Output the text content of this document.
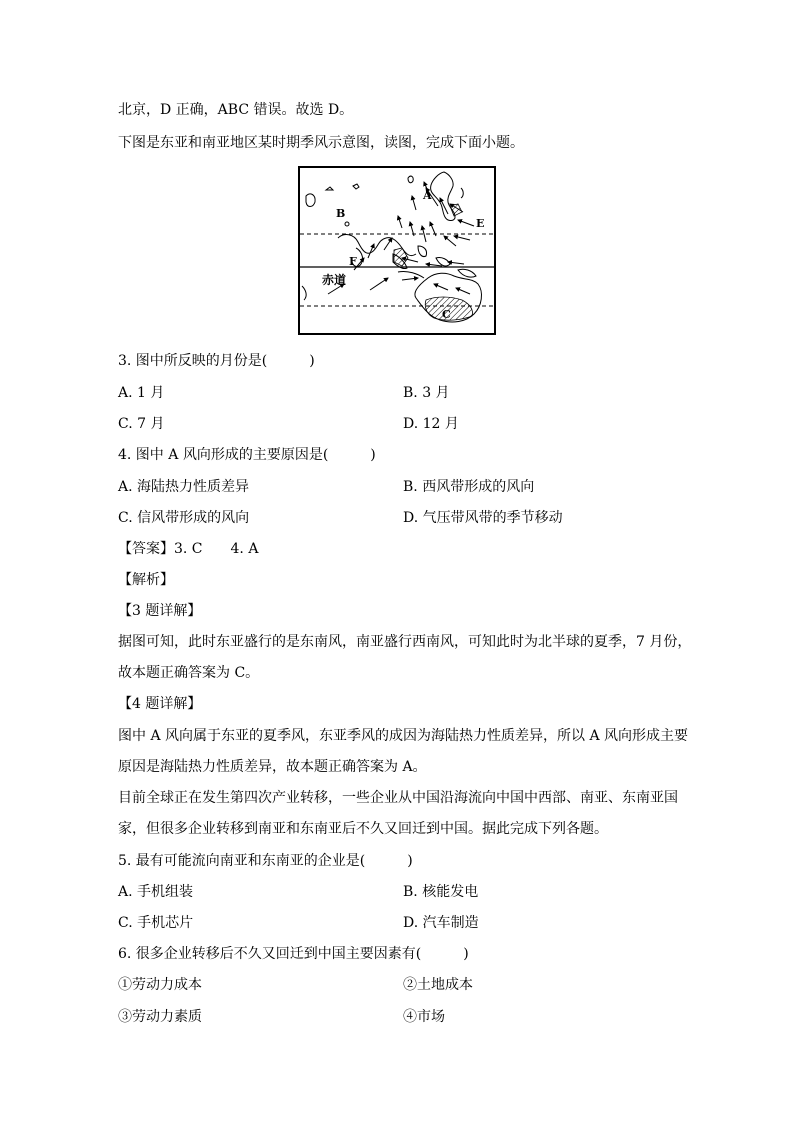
北京，D 正确，ABC 错误。故选 D。
下图是东亚和南亚地区某时期季风示意图，读图，完成下面小题。
A
B
C
E
F
赤道
3. 图中所反映的月份是(　　　)
A. 1 月	B. 3 月
C. 7 月	D. 12 月
4. 图中 A 风向形成的主要原因是(　　　)
A. 海陆热力性质差异	B. 西风带形成的风向
C. 信风带形成的风向	D. 气压带风带的季节移动
【答案】3. C　　4. A
【解析】
【3 题详解】
据图可知，此时东亚盛行的是东南风，南亚盛行西南风，可知此时为北半球的夏季，7 月份，
故本题正确答案为 C。
【4 题详解】
图中 A 风向属于东亚的夏季风，东亚季风的成因为海陆热力性质差异，所以 A 风向形成主要
原因是海陆热力性质差异，故本题正确答案为 A。
目前全球正在发生第四次产业转移，一些企业从中国沿海流向中国中西部、南亚、东南亚国
家，但很多企业转移到南亚和东南亚后不久又回迁到中国。据此完成下列各题。
5. 最有可能流向南亚和东南亚的企业是(　　　)
A. 手机组装	B. 核能发电
C. 手机芯片	D. 汽车制造
6. 很多企业转移后不久又回迁到中国主要因素有(　　　)
①劳动力成本	②土地成本
③劳动力素质	④市场
